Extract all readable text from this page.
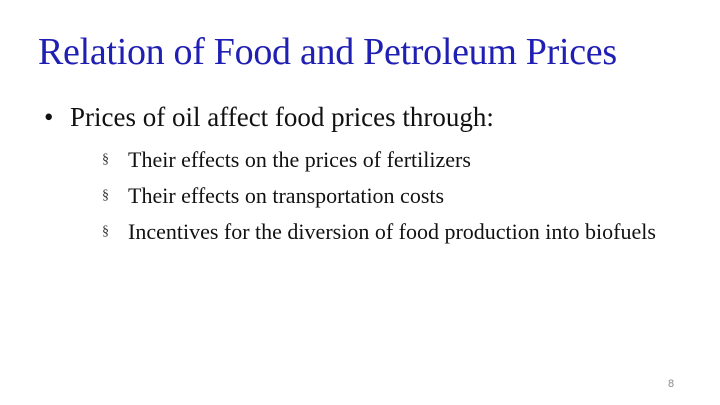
Relation of Food and Petroleum Prices
• Prices of oil affect food prices through:
§ Their effects on the prices of fertilizers
§ Their effects on transportation costs
§ Incentives for the diversion of food production into biofuels
8
